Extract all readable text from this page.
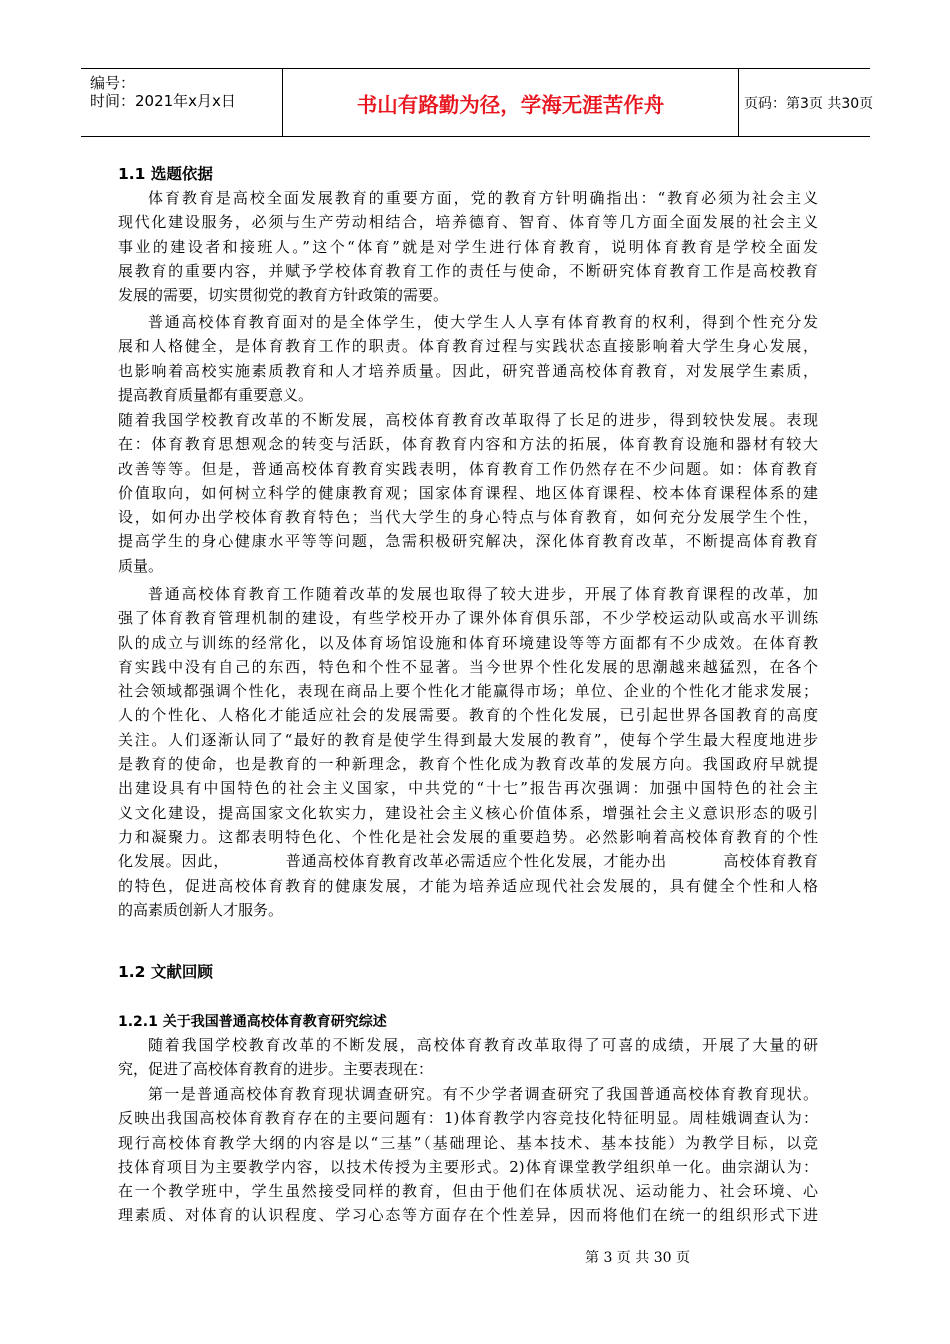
编号：
时间：2021年x月x日	书山有路勤为径，学海无涯苦作舟	页码：第3页 共30页
1.1 选题依据
体育教育是高校全面发展教育的重要方面，党的教育方针明确指出：“教育必须为社会主义
现代化建设服务，必须与生产劳动相结合，培养德育、智育、体育等几方面全面发展的社会主义
事业的建设者和接班人。”这个“体育”就是对学生进行体育教育，说明体育教育是学校全面发
展教育的重要内容，并赋予学校体育教育工作的责任与使命，不断研究体育教育工作是高校教育
发展的需要，切实贯彻党的教育方针政策的需要。
普通高校体育教育面对的是全体学生，使大学生人人享有体育教育的权利，得到个性充分发
展和人格健全，是体育教育工作的职责。体育教育过程与实践状态直接影响着大学生身心发展，
也影响着高校实施素质教育和人才培养质量。因此，研究普通高校体育教育，对发展学生素质，
提高教育质量都有重要意义。
随着我国学校教育改革的不断发展，高校体育教育改革取得了长足的进步，得到较快发展。表现
在：体育教育思想观念的转变与活跃，体育教育内容和方法的拓展，体育教育设施和器材有较大
改善等等。但是，普通高校体育教育实践表明，体育教育工作仍然存在不少问题。如：体育教育
价值取向，如何树立科学的健康教育观；国家体育课程、地区体育课程、校本体育课程体系的建
设，如何办出学校体育教育特色；当代大学生的身心特点与体育教育，如何充分发展学生个性，
提高学生的身心健康水平等等问题，急需积极研究解决，深化体育教育改革，不断提高体育教育
质量。
普通高校体育教育工作随着改革的发展也取得了较大进步，开展了体育教育课程的改革，加
强了体育教育管理机制的建设，有些学校开办了课外体育俱乐部，不少学校运动队或高水平训练
队的成立与训练的经常化，以及体育场馆设施和体育环境建设等等方面都有不少成效。在体育教
育实践中没有自己的东西，特色和个性不显著。当今世界个性化发展的思潮越来越猛烈，在各个
社会领域都强调个性化，表现在商品上要个性化才能赢得市场；单位、企业的个性化才能求发展；
人的个性化、人格化才能适应社会的发展需要。教育的个性化发展，已引起世界各国教育的高度
关注。人们逐渐认同了“最好的教育是使学生得到最大发展的教育”，使每个学生最大程度地进步
是教育的使命，也是教育的一种新理念，教育个性化成为教育改革的发展方向。我国政府早就提
出建设具有中国特色的社会主义国家，中共党的“十七”报告再次强调：加强中国特色的社会主
义文化建设，提高国家文化软实力，建设社会主义核心价值体系，增强社会主义意识形态的吸引
力和凝聚力。这都表明特色化、个性化是社会发展的重要趋势。必然影响着高校体育教育的个性
化发展。因此，          普通高校体育教育改革必需适应个性化发展，才能办出          高校体育教育
的特色，促进高校体育教育的健康发展，才能为培养适应现代社会发展的，具有健全个性和人格
的高素质创新人才服务。
1.2 文献回顾
1.2.1 关于我国普通高校体育教育研究综述
随着我国学校教育改革的不断发展，高校体育教育改革取得了可喜的成绩，开展了大量的研
究，促进了高校体育教育的进步。主要表现在：
第一是普通高校体育教育现状调查研究。有不少学者调查研究了我国普通高校体育教育现状。
反映出我国高校体育教育存在的主要问题有：1)体育教学内容竞技化特征明显。周桂娥调查认为：
现行高校体育教学大纲的内容是以“三基”（基础理论、基本技术、基本技能）为教学目标，以竞
技体育项目为主要教学内容，以技术传授为主要形式。2)体育课堂教学组织单一化。曲宗湖认为：
在一个教学班中，学生虽然接受同样的教育，但由于他们在体质状况、运动能力、社会环境、心
理素质、对体育的认识程度、学习心态等方面存在个性差异，因而将他们在统一的组织形式下进
第 3 页 共 30 页
